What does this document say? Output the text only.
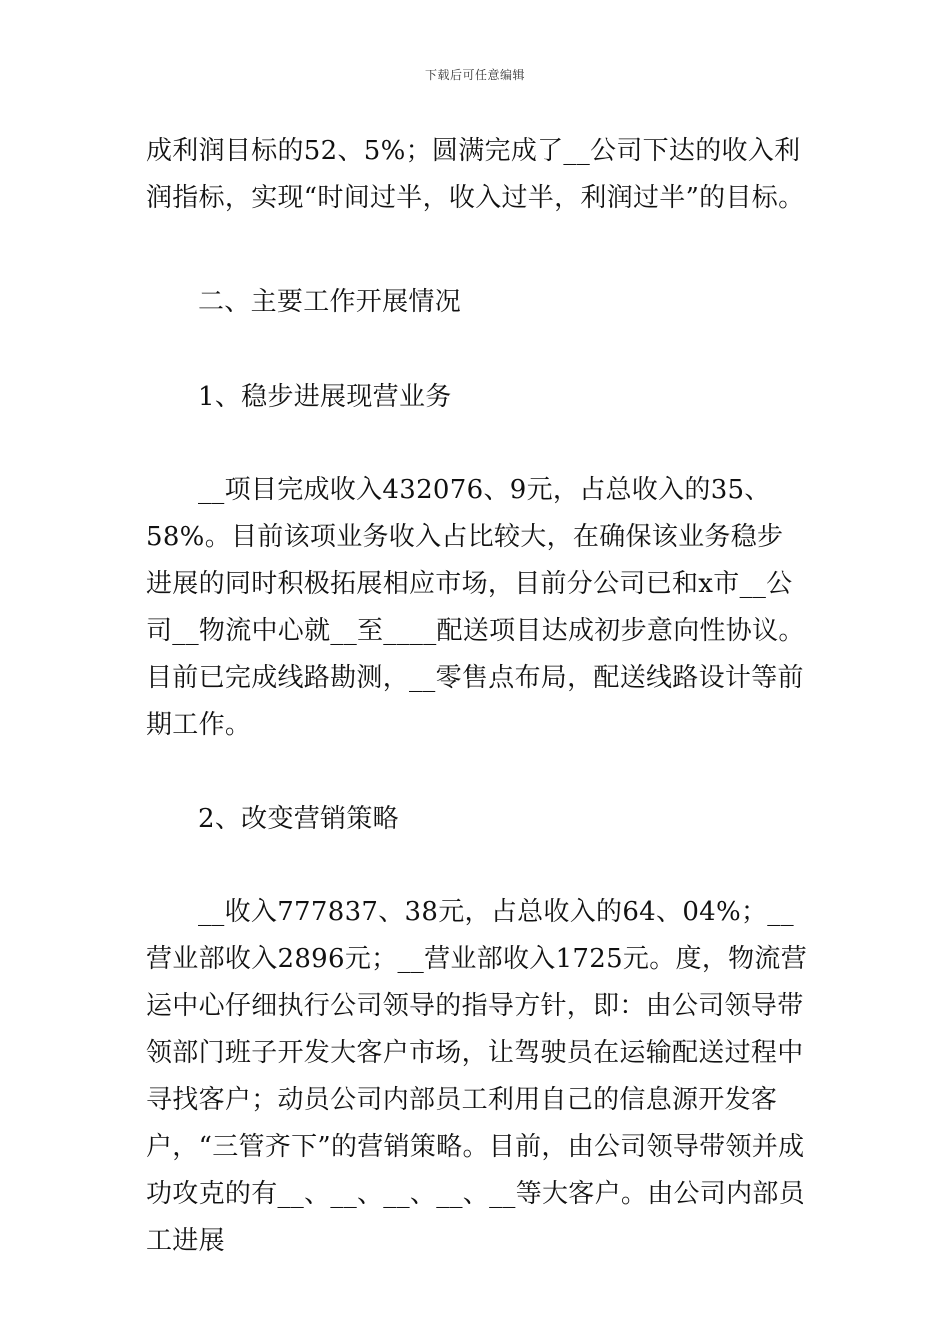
下载后可任意编辑

成利润目标的52、5%；圆满完成了__公司下达的收入利润指标，实现“时间过半，收入过半，利润过半”的目标。

二、主要工作开展情况

1、稳步进展现营业务

__项目完成收入432076、9元，占总收入的35、58%。目前该项业务收入占比较大，在确保该业务稳步进展的同时积极拓展相应市场，目前分公司已和x市__公司__物流中心就__至____配送项目达成初步意向性协议。目前已完成线路勘测，__零售点布局，配送线路设计等前期工作。

2、改变营销策略

__收入777837、38元，占总收入的64、04%；__营业部收入2896元；__营业部收入1725元。度，物流营运中心仔细执行公司领导的指导方针，即：由公司领导带领部门班子开发大客户市场，让驾驶员在运输配送过程中寻找客户；动员公司内部员工利用自己的信息源开发客户，“三管齐下”的营销策略。目前，由公司领导带领并成功攻克的有__、__、__、__、__等大客户。由公司内部员工进展
